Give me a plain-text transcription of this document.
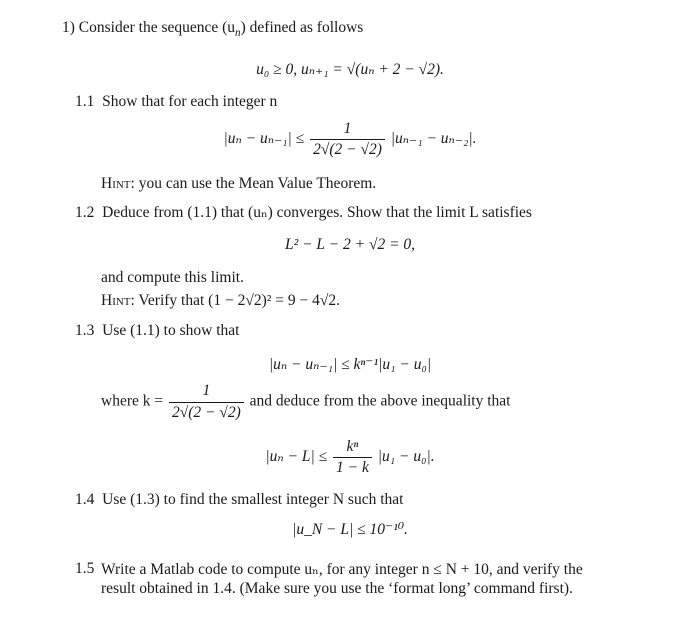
1) Consider the sequence $(u_n)$ defined as follows
u₀ ≥ 0, uₙ₊₁ = √(uₙ + 2 − √2).
1.1 Show that for each integer n
$|u_n - u_{n-1}| \le \frac{1}{2√(2 - √2)} |u_{n-1} - u_{n-2}|$.
Hint: you can use the Mean Value Theorem.
1.2 Deduce from (1.1) that (uₙ) converges. Show that the limit L satisfies
L² − L − 2 + √2 = 0,
and compute this limit.
Hint: Verify that (1 − 2√2)² = 9 − 4√2.
1.3 Use (1.1) to show that
|uₙ − uₙ₋₁| ≤ kⁿ⁻¹|u₁ − u₀|
where $k = \frac{1}{2√(2 - √2)}$ and deduce from the above inequality that
$|u_n - L| \le \frac{\text{kⁿ}}{1 - k} |u_1 - u_0|$.
1.4 Use (1.3) to find the smallest integer N such that
|u_N − L| ≤ 10⁻¹⁰.
1.5 Write a Matlab code to compute uₙ, for any integer n ≤ N + 10, and verify the result obtained in 1.4. (Make sure you use the ‘format long’ command first).
